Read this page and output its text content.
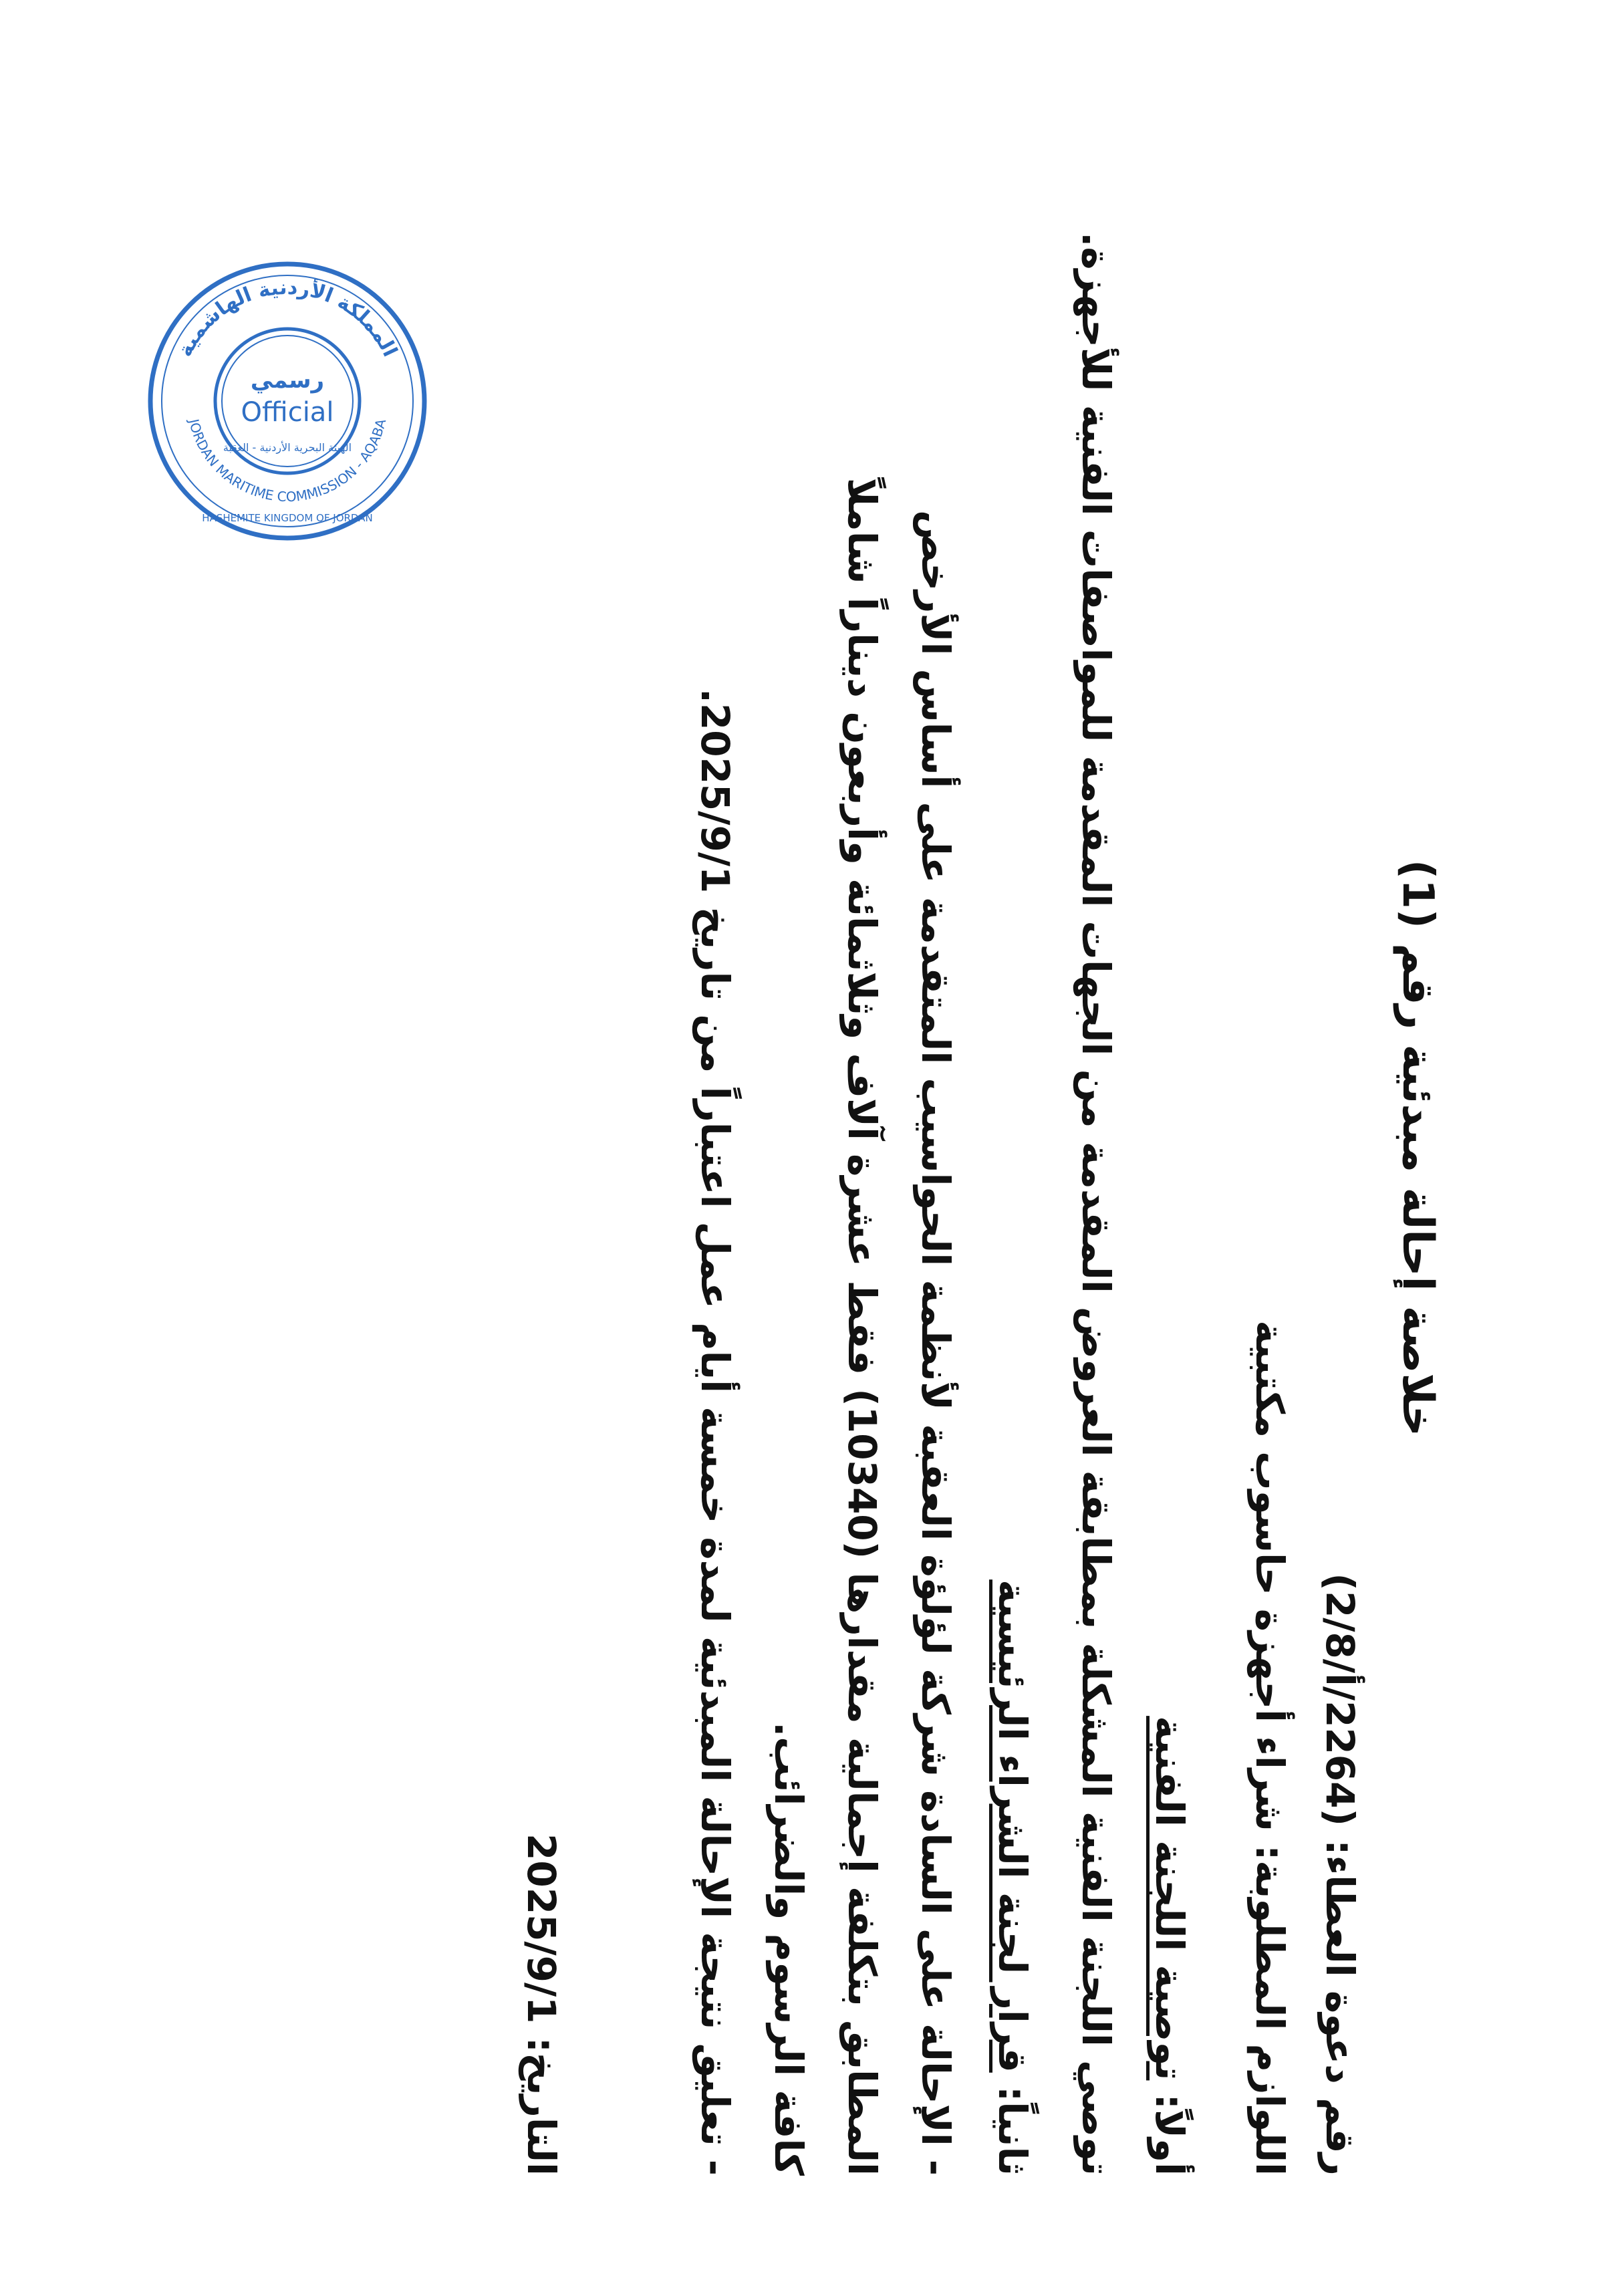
المملكة الأردنية الهاشمية
JORDAN MARITIME COMMISSION - AQABA
رسمي
Official
الهيئة البحرية الأردنية - العقبة
HASHEMITE KINGDOM OF JORDAN
خلاصة إحالة مبدئية رقم (1)
رقم دعوة العطاء: (2264/أ/2/8)
اللوازم المطلوبة: شراء أجهزة حاسوب مكتبية
أولاً: توصية اللجنة الفنية
توصي اللجنة الفنية المشكلة بمطابقة العروض المقدمة من الجهات المقدمة للمواصفات الفنية للأجهزة.
ثانياً: قرار لجنة الشراء الرئيسية
- الإحالة على السادة شركة لؤلؤة العقبة لأنظمة الحواسيب المتقدمة على أساس الأرخص
المطابق بتكلفة إجمالية مقدارها (10340) فقط عشرة آلاف وثلاثمائة وأربعون ديناراً شاملاً
كافة الرسوم والضرائب.
- تعليق نتيجة الإحالة المبدئية لمدة خمسة أيام عمل اعتباراً من تاريخ 2025/9/1.
التاريخ: 2025/9/1
